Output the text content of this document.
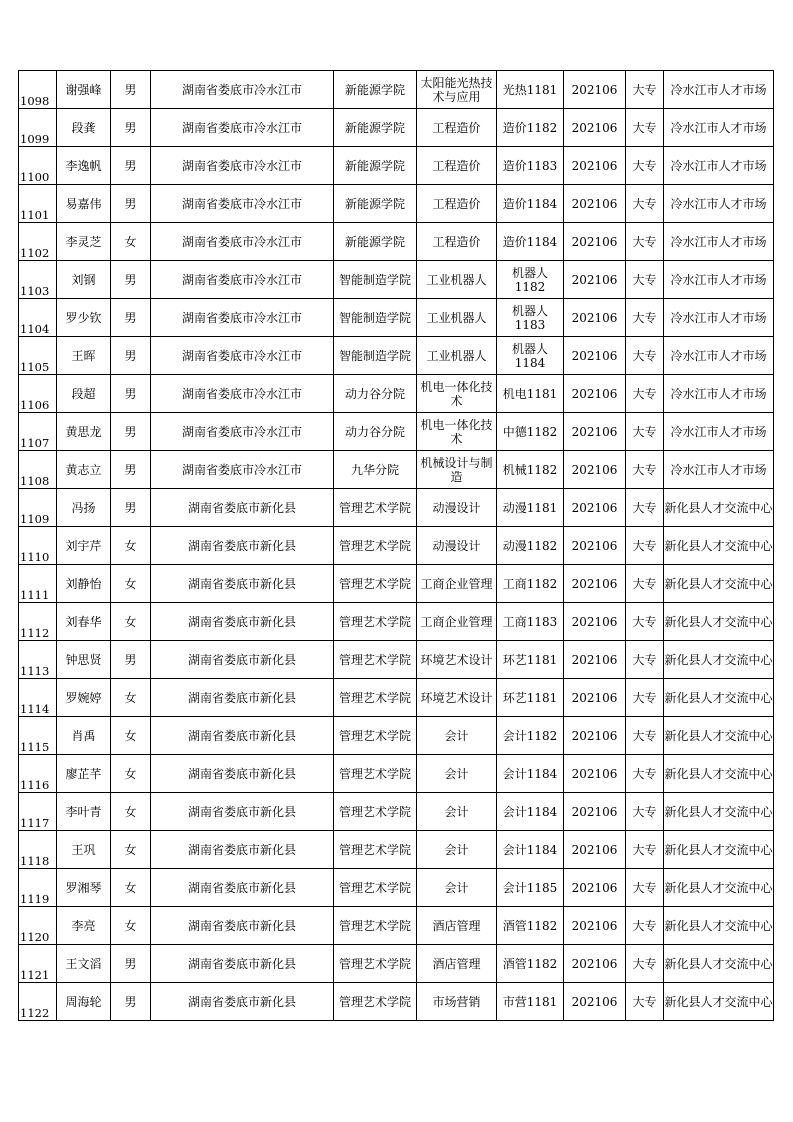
1098	谢强峰	男	湖南省娄底市冷水江市	新能源学院	太阳能光热技术与应用	光热1181	202106	大专	冷水江市人才市场

1099	段龚	男	湖南省娄底市冷水江市	新能源学院	工程造价	造价1182	202106	大专	冷水江市人才市场

1100	李逸帆	男	湖南省娄底市冷水江市	新能源学院	工程造价	造价1183	202106	大专	冷水江市人才市场

1101	易嘉伟	男	湖南省娄底市冷水江市	新能源学院	工程造价	造价1184	202106	大专	冷水江市人才市场

1102	李灵芝	女	湖南省娄底市冷水江市	新能源学院	工程造价	造价1184	202106	大专	冷水江市人才市场

1103	刘钢	男	湖南省娄底市冷水江市	智能制造学院	工业机器人	机器人1182	202106	大专	冷水江市人才市场

1104	罗少钦	男	湖南省娄底市冷水江市	智能制造学院	工业机器人	机器人1183	202106	大专	冷水江市人才市场

1105	王晖	男	湖南省娄底市冷水江市	智能制造学院	工业机器人	机器人1184	202106	大专	冷水江市人才市场

1106	段超	男	湖南省娄底市冷水江市	动力谷分院	机电一体化技术	机电1181	202106	大专	冷水江市人才市场

1107	黄思龙	男	湖南省娄底市冷水江市	动力谷分院	机电一体化技术	中德1182	202106	大专	冷水江市人才市场

1108	黄志立	男	湖南省娄底市冷水江市	九华分院	机械设计与制造	机械1182	202106	大专	冷水江市人才市场

1109	冯扬	男	湖南省娄底市新化县	管理艺术学院	动漫设计	动漫1181	202106	大专	新化县人才交流中心

1110	刘宇芹	女	湖南省娄底市新化县	管理艺术学院	动漫设计	动漫1182	202106	大专	新化县人才交流中心

1111	刘静怡	女	湖南省娄底市新化县	管理艺术学院	工商企业管理	工商1182	202106	大专	新化县人才交流中心

1112	刘春华	女	湖南省娄底市新化县	管理艺术学院	工商企业管理	工商1183	202106	大专	新化县人才交流中心

1113	钟思贤	男	湖南省娄底市新化县	管理艺术学院	环境艺术设计	环艺1181	202106	大专	新化县人才交流中心

1114	罗婉婷	女	湖南省娄底市新化县	管理艺术学院	环境艺术设计	环艺1181	202106	大专	新化县人才交流中心

1115	肖禹	女	湖南省娄底市新化县	管理艺术学院	会计	会计1182	202106	大专	新化县人才交流中心

1116	廖芷芊	女	湖南省娄底市新化县	管理艺术学院	会计	会计1184	202106	大专	新化县人才交流中心

1117	李叶青	女	湖南省娄底市新化县	管理艺术学院	会计	会计1184	202106	大专	新化县人才交流中心

1118	王巩	女	湖南省娄底市新化县	管理艺术学院	会计	会计1184	202106	大专	新化县人才交流中心

1119	罗湘琴	女	湖南省娄底市新化县	管理艺术学院	会计	会计1185	202106	大专	新化县人才交流中心

1120	李亮	女	湖南省娄底市新化县	管理艺术学院	酒店管理	酒管1182	202106	大专	新化县人才交流中心

1121	王文滔	男	湖南省娄底市新化县	管理艺术学院	酒店管理	酒管1182	202106	大专	新化县人才交流中心

1122	周海轮	男	湖南省娄底市新化县	管理艺术学院	市场营销	市营1181	202106	大专	新化县人才交流中心
